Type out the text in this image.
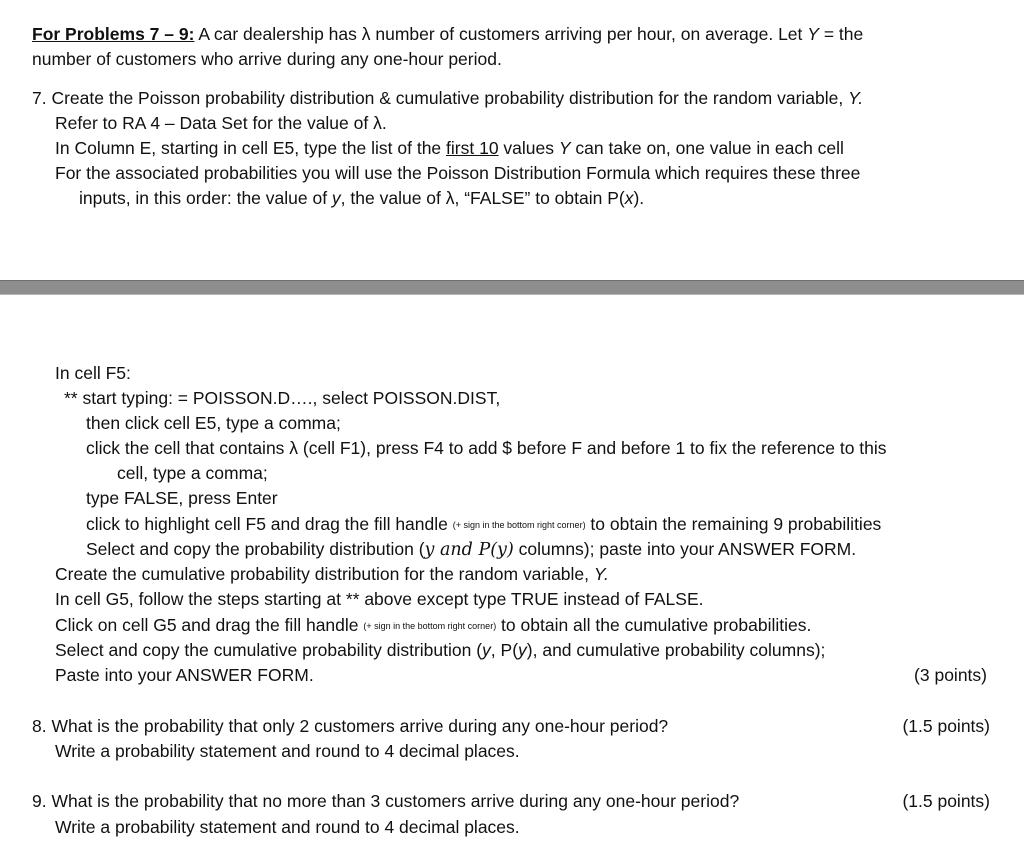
For Problems 7 – 9: A car dealership has λ number of customers arriving per hour, on average. Let Y = the
number of customers who arrive during any one-hour period.
7. Create the Poisson probability distribution & cumulative probability distribution for the random variable, Y.
Refer to RA 4 – Data Set for the value of λ.
In Column E, starting in cell E5, type the list of the first 10 values Y can take on, one value in each cell
For the associated probabilities you will use the Poisson Distribution Formula which requires these three
inputs, in this order: the value of y, the value of λ, “FALSE” to obtain P(x).
In cell F5:
** start typing: = POISSON.D…., select POISSON.DIST,
then click cell E5, type a comma;
click the cell that contains λ (cell F1), press F4 to add $ before F and before 1 to fix the reference to this
cell, type a comma;
type FALSE, press Enter
click to highlight cell F5 and drag the fill handle (+ sign in the bottom right corner) to obtain the remaining 9 probabilities
Select and copy the probability distribution (y and P(y) columns); paste into your ANSWER FORM.
Create the cumulative probability distribution for the random variable, Y.
In cell G5, follow the steps starting at ** above except type TRUE instead of FALSE.
Click on cell G5 and drag the fill handle (+ sign in the bottom right corner) to obtain all the cumulative probabilities.
Select and copy the cumulative probability distribution (y, P(y), and cumulative probability columns);
Paste into your ANSWER FORM.	(3 points)
8. What is the probability that only 2 customers arrive during any one-hour period?	(1.5 points)
Write a probability statement and round to 4 decimal places.
9. What is the probability that no more than 3 customers arrive during any one-hour period?	(1.5 points)
Write a probability statement and round to 4 decimal places.
